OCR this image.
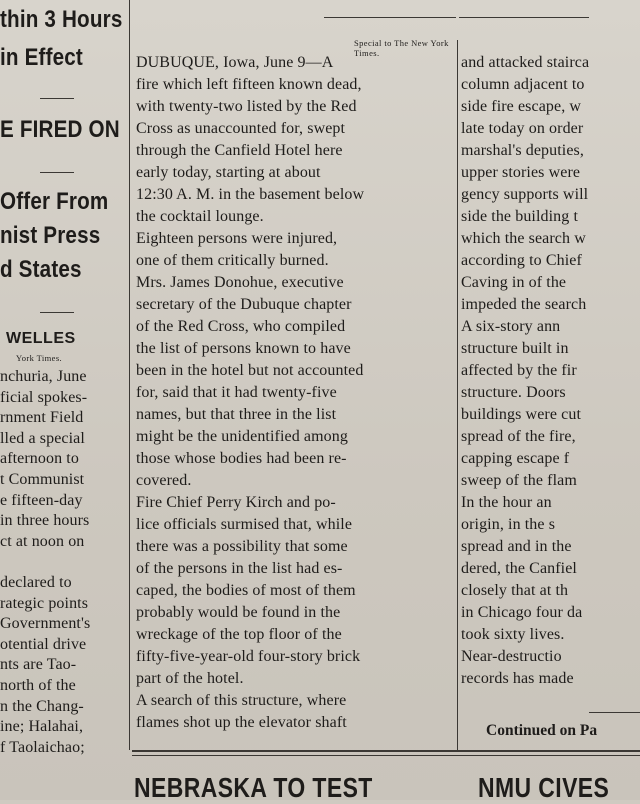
thin 3 Hours
in Effect
E FIRED ON
Offer From
nist Press
d States
WELLES
York Times.
nchuria, June
ficial spokes-
rnment Field
lled a special
afternoon to
t Communist
e fifteen-day
in three hours
ct at noon on
declared to
rategic points
Government's
otential drive
nts are Tao-
north of the
n the Chang-
ine; Halahai,
f Taolaichao;
Special to The New York Times.
DUBUQUE, Iowa, June 9—A
fire which left fifteen known dead,
with twenty-two listed by the Red
Cross as unaccounted for, swept
through the Canfield Hotel here
early today, starting at about
12:30 A. M. in the basement below
the cocktail lounge.
Eighteen persons were injured,
one of them critically burned.
Mrs. James Donohue, executive
secretary of the Dubuque chapter
of the Red Cross, who compiled
the list of persons known to have
been in the hotel but not accounted
for, said that it had twenty-five
names, but that three in the list
might be the unidentified among
those whose bodies had been re-
covered.
Fire Chief Perry Kirch and po-
lice officials surmised that, while
there was a possibility that some
of the persons in the list had es-
caped, the bodies of most of them
probably would be found in the
wreckage of the top floor of the
fifty-five-year-old four-story brick
part of the hotel.
A search of this structure, where
flames shot up the elevator shaft
and attacked stairca
column adjacent to
side fire escape, w
late today on order
marshal's deputies,
upper stories were
gency supports will
side the building t
which the search w
according to Chief
Caving in of the
impeded the search
A six-story ann
structure built in
affected by the fir
structure. Doors
buildings were cut
spread of the fire,
capping escape f
sweep of the flam
In the hour an
origin, in the s
spread and in the
dered, the Canfiel
closely that at th
in Chicago four da
took sixty lives.
Near-destructio
records has made
Continued on Pa
NEBRASKA TO TEST	NMU CIVES
